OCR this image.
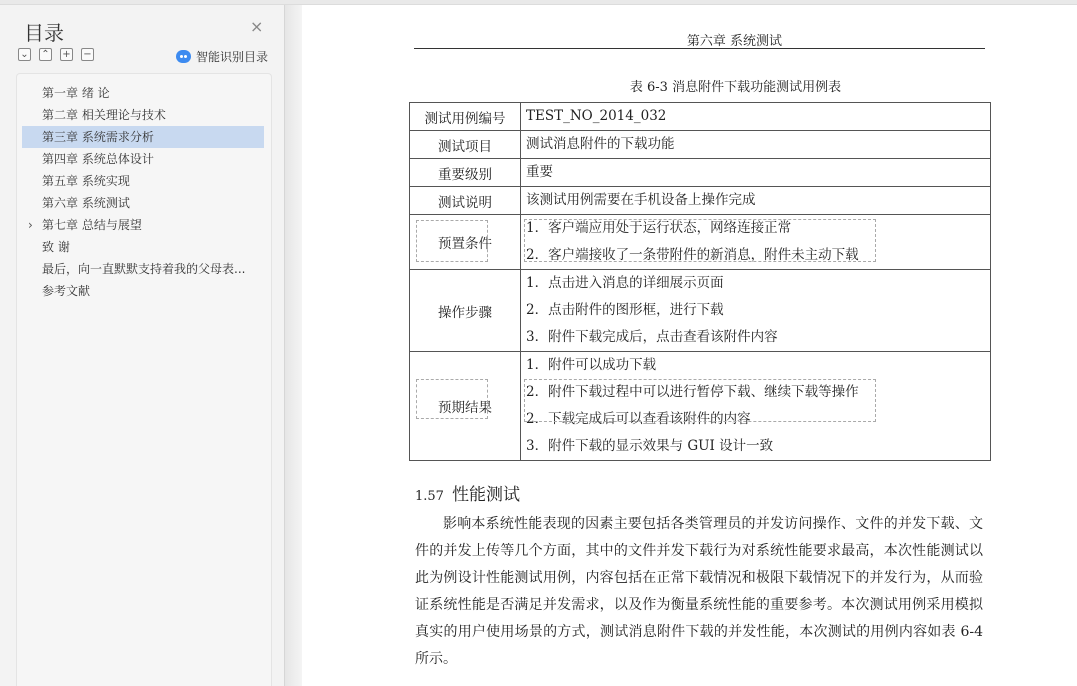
目录	×
⌄ ⌃ + −	智能识别目录
第一章 绪 论
第二章 相关理论与技术
第三章 系统需求分析
第四章 系统总体设计
第五章 系统实现
第六章 系统测试
› 第七章 总结与展望
致 谢
最后，向一直默默支持着我的父母表...
参考文献
第六章 系统测试
表 6-3 消息附件下载功能测试用例表
测试用例编号	TEST_NO_2014_032

测试项目	测试消息附件的下载功能

重要级别	重要

测试说明	该测试用例需要在手机设备上操作完成

预置条件	1．客户端应用处于运行状态，网络连接正常
2．客户端接收了一条带附件的新消息，附件未主动下载

操作步骤	1．点击进入消息的详细展示页面
2．点击附件的图形框，进行下载
3．附件下载完成后，点击查看该附件内容

预期结果	1．附件可以成功下载
2．附件下载过程中可以进行暂停下载、继续下载等操作
2．下载完成后可以查看该附件的内容
3．附件下载的显示效果与 GUI 设计一致
1.57 性能测试
影响本系统性能表现的因素主要包括各类管理员的并发访问操作、文件的并发下载、文件的并发上传等几个方面，其中的文件并发下载行为对系统性能要求最高，本次性能测试以此为例设计性能测试用例，内容包括在正常下载情况和极限下载情况下的并发行为，从而验证系统性能是否满足并发需求，以及作为衡量系统性能的重要参考。本次测试用例采用模拟真实的用户使用场景的方式，测试消息附件下载的并发性能，本次测试的用例内容如表 6-4 所示。
